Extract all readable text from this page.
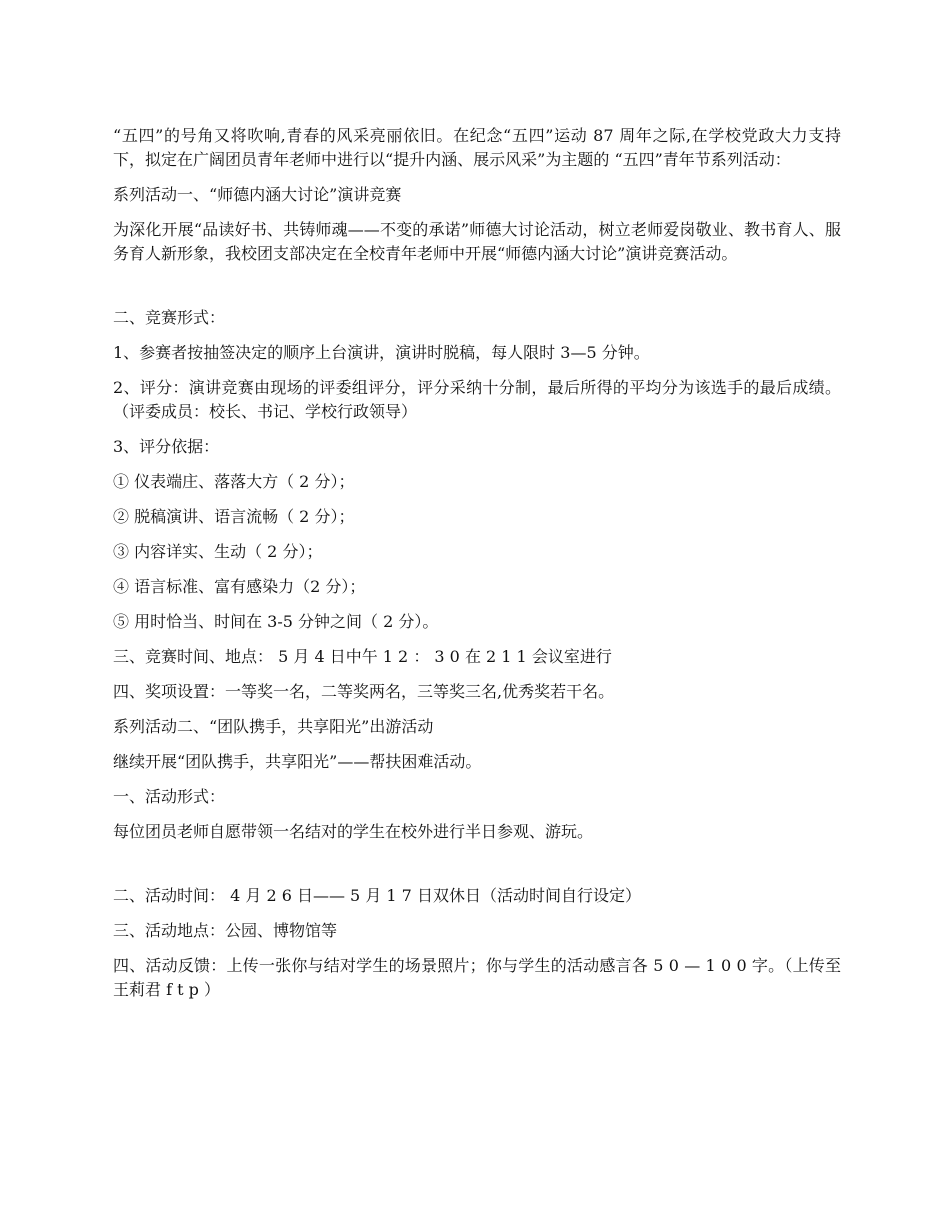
“五四”的号角又将吹响,青春的风采亮丽依旧。在纪念“五四”运动 87 周年之际,在学校党政大力支持下，拟定在广阔团员青年老师中进行以“提升内涵、展示风采”为主题的 “五四”青年节系列活动：

系列活动一、“师德内涵大讨论”演讲竞赛

为深化开展“品读好书、共铸师魂——不变的承诺”师德大讨论活动，树立老师爱岗敬业、教书育人、服务育人新形象，我校团支部决定在全校青年老师中开展“师德内涵大讨论”演讲竞赛活动。

二、竞赛形式：

1、参赛者按抽签决定的顺序上台演讲，演讲时脱稿，每人限时 3—5 分钟。

2、评分：演讲竞赛由现场的评委组评分，评分采纳十分制，最后所得的平均分为该选手的最后成绩。（评委成员：校长、书记、学校行政领导）

3、评分依据：

① 仪表端庄、落落大方（ 2 分）；

② 脱稿演讲、语言流畅（ 2 分）；

③ 内容详实、生动（ 2 分）；

④ 语言标准、富有感染力（2 分）；

⑤ 用时恰当、时间在 3-5 分钟之间（ 2 分）。

三、竞赛时间、地点： 5 月 4 日中午 1 2 ： 3 0 在 2 1 1 会议室进行

四、奖项设置：一等奖一名，二等奖两名，三等奖三名,优秀奖若干名。

系列活动二、“团队携手，共享阳光”出游活动

继续开展“团队携手，共享阳光”——帮扶困难活动。

一、活动形式：

每位团员老师自愿带领一名结对的学生在校外进行半日参观、游玩。

二、活动时间： 4 月 2 6 日—— 5 月 1 7 日双休日（活动时间自行设定）

三、活动地点：公园、博物馆等

四、活动反馈：上传一张你与结对学生的场景照片；你与学生的活动感言各 5 0 — 1 0 0 字。（上传至王莉君 f t p ）
